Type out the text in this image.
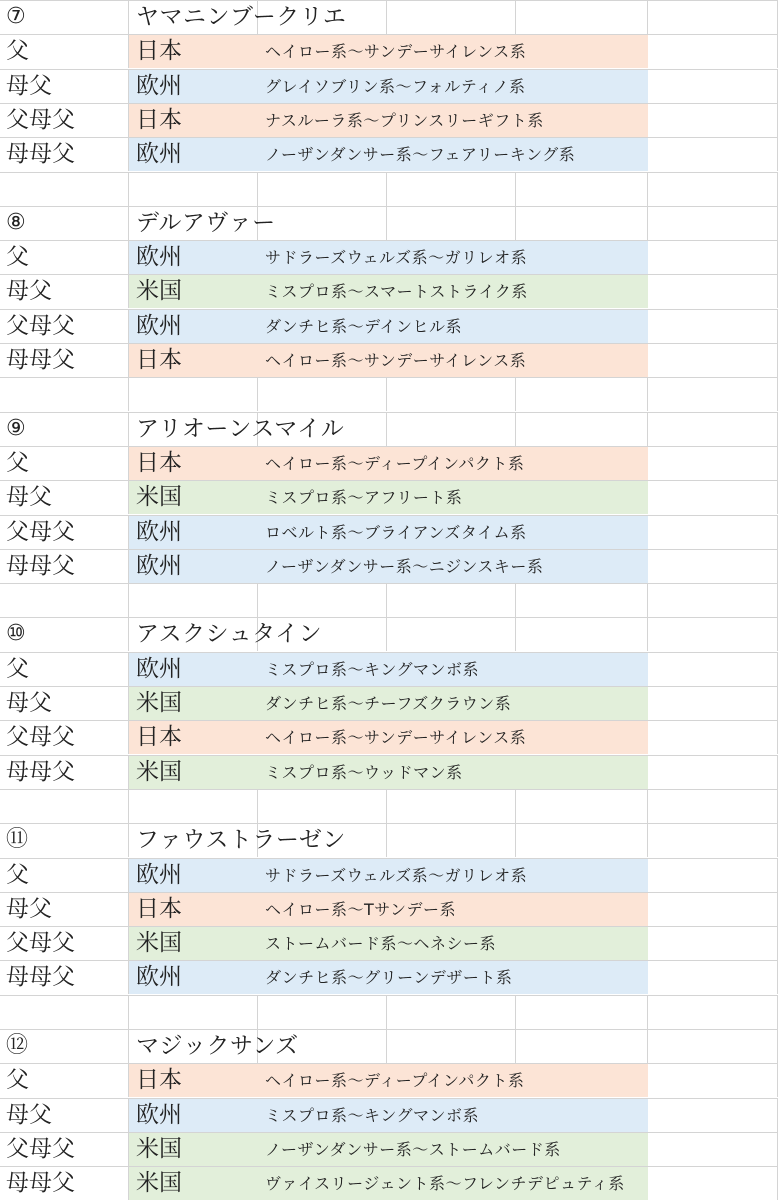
⑦	ヤマニンブークリエ
父	日本	ヘイロー系～サンデーサイレンス系
母父	欧州	グレイソブリン系～フォルティノ系
父母父	日本	ナスルーラ系～プリンスリーギフト系
母母父	欧州	ノーザンダンサー系～フェアリーキング系
⑧	デルアヴァー
父	欧州	サドラーズウェルズ系～ガリレオ系
母父	米国	ミスプロ系～スマートストライク系
父母父	欧州	ダンチヒ系～デインヒル系
母母父	日本	ヘイロー系～サンデーサイレンス系
⑨	アリオーンスマイル
父	日本	ヘイロー系～ディープインパクト系
母父	米国	ミスプロ系～アフリート系
父母父	欧州	ロベルト系～ブライアンズタイム系
母母父	欧州	ノーザンダンサー系～ニジンスキー系
⑩	アスクシュタイン
父	欧州	ミスプロ系～キングマンボ系
母父	米国	ダンチヒ系～チーフズクラウン系
父母父	日本	ヘイロー系～サンデーサイレンス系
母母父	米国	ミスプロ系～ウッドマン系
⑪	ファウストラーゼン
父	欧州	サドラーズウェルズ系～ガリレオ系
母父	日本	ヘイロー系～Tサンデー系
父母父	米国	ストームバード系～ヘネシー系
母母父	欧州	ダンチヒ系～グリーンデザート系
⑫	マジックサンズ
父	日本	ヘイロー系～ディープインパクト系
母父	欧州	ミスプロ系～キングマンボ系
父母父	米国	ノーザンダンサー系～ストームバード系
母母父	米国	ヴァイスリージェント系～フレンチデピュティ系
